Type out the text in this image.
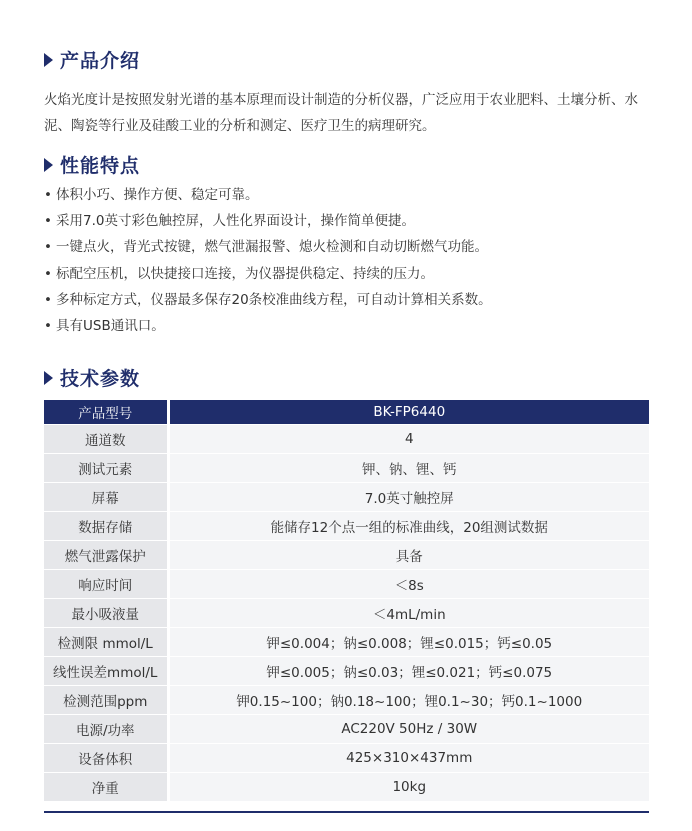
产品介绍
火焰光度计是按照发射光谱的基本原理而设计制造的分析仪器，广泛应用于农业肥料、土壤分析、水泥、陶瓷等行业及硅酸工业的分析和测定、医疗卫生的病理研究。
性能特点
• 体积小巧、操作方便、稳定可靠。
• 采用7.0英寸彩色触控屏，人性化界面设计，操作简单便捷。
• 一键点火，背光式按键，燃气泄漏报警、熄火检测和自动切断燃气功能。
• 标配空压机，以快捷接口连接，为仪器提供稳定、持续的压力。
• 多种标定方式，仪器最多保存20条校准曲线方程，可自动计算相关系数。
• 具有USB通讯口。
技术参数
产品型号	BK-FP6440
通道数	4
测试元素	钾、钠、锂、钙
屏幕	7.0英寸触控屏
数据存储	能储存12个点一组的标准曲线，20组测试数据
燃气泄露保护	具备
响应时间	＜8s
最小吸液量	＜4mL/min
检测限 mmol/L	钾≤0.004；钠≤0.008；锂≤0.015；钙≤0.05
线性误差mmol/L	钾≤0.005；钠≤0.03；锂≤0.021；钙≤0.075
检测范围ppm	钾0.15~100；钠0.18~100；锂0.1~30；钙0.1~1000
电源/功率	AC220V 50Hz / 30W
设备体积	425×310×437mm
净重	10kg
